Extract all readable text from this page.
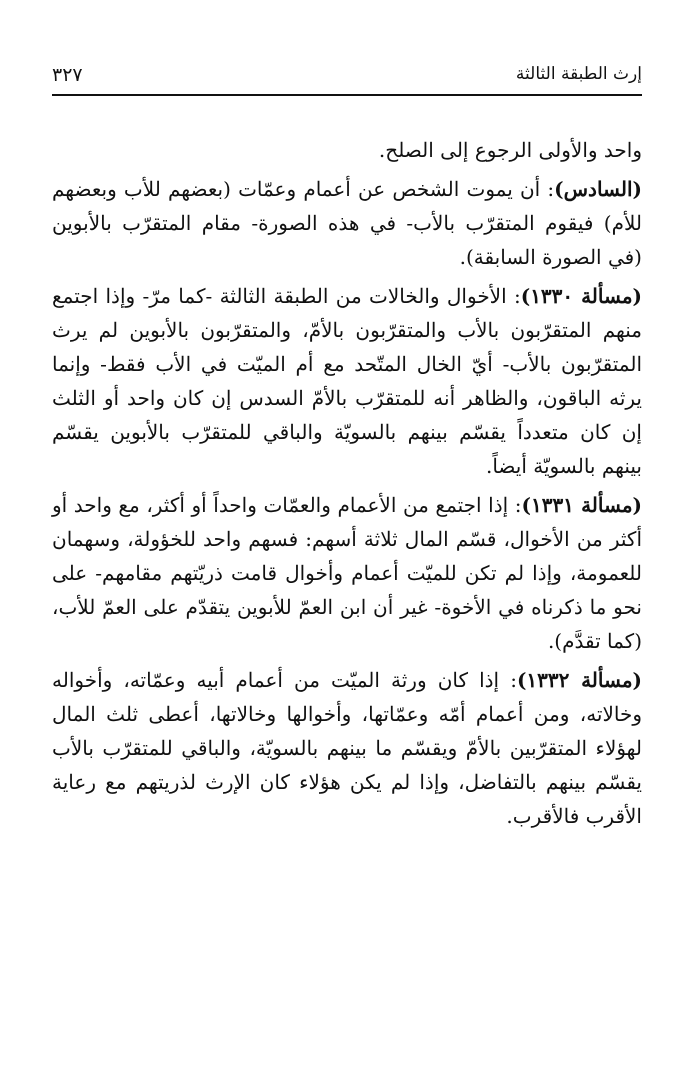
إرث الطبقة الثالثة
٣٢٧

واحد والأولى الرجوع إلى الصلح.

(السادس): أن يموت الشخص عن أعمام وعمّات (بعضهم للأب وبعضهم للأم) فيقوم المتقرّب بالأب- في هذه الصورة- مقام المتقرّب بالأبوين (في الصورة السابقة).

(مسألة ١٣٣٠): الأخوال والخالات من الطبقة الثالثة -كما مرّ- وإذا اجتمع منهم المتقرّبون بالأب والمتقرّبون بالأمّ، والمتقرّبون بالأبوين لم يرث المتقرّبون بالأب- أيّ الخال المتّحد مع أم الميّت في الأب فقط- وإنما يرثه الباقون، والظاهر أنه للمتقرّب بالأمّ السدس إن كان واحد أو الثلث إن كان متعدداً يقسّم بينهم بالسويّة والباقي للمتقرّب بالأبوين يقسّم بينهم بالسويّة أيضاً.

(مسألة ١٣٣١): إذا اجتمع من الأعمام والعمّات واحداً أو أكثر، مع واحد أو أكثر من الأخوال، قسّم المال ثلاثة أسهم: فسهم واحد للخؤولة، وسهمان للعمومة، وإذا لم تكن للميّت أعمام وأخوال قامت ذريّتهم مقامهم- على نحو ما ذكرناه في الأخوة- غير أن ابن العمّ للأبوين يتقدّم على العمّ للأب، (كما تقدَّم).

(مسألة ١٣٣٢): إذا كان ورثة الميّت من أعمام أبيه وعمّاته، وأخواله وخالاته، ومن أعمام أمّه وعمّاتها، وأخوالها وخالاتها، أعطى ثلث المال لهؤلاء المتقرّبين بالأمّ ويقسّم ما بينهم بالسويّة، والباقي للمتقرّب بالأب يقسّم بينهم بالتفاضل، وإذا لم يكن هؤلاء كان الإرث لذريتهم مع رعاية الأقرب فالأقرب.
